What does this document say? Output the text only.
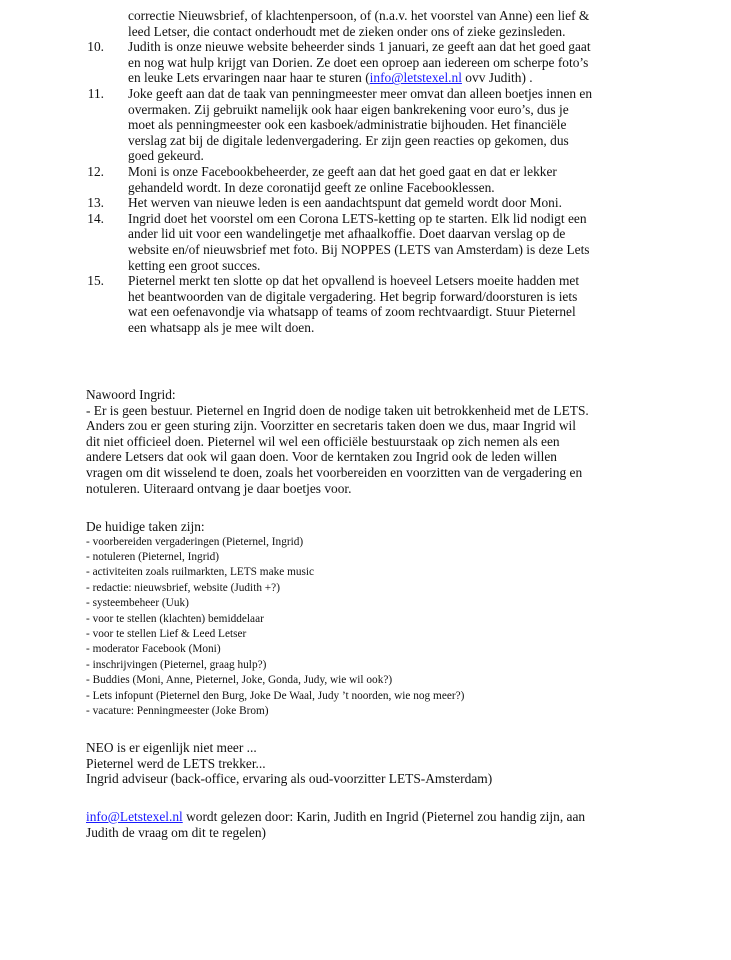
correctie Nieuwsbrief, of klachtenpersoon, of (n.a.v. het voorstel van Anne) een lief &
leed Letser, die contact onderhoudt met de zieken onder ons of zieke gezinsleden.
10.	Judith is onze nieuwe website beheerder sinds 1 januari, ze geeft aan dat het goed gaat
en nog wat hulp krijgt van Dorien. Ze doet een oproep aan iedereen om scherpe foto’s
en leuke Lets ervaringen naar haar te sturen (info@letstexel.nl ovv Judith) .
11.	Joke geeft aan dat de taak van penningmeester meer omvat dan alleen boetjes innen en
overmaken. Zij gebruikt namelijk ook haar eigen bankrekening voor euro’s, dus je
moet als penningmeester ook een kasboek/administratie bijhouden. Het financiële
verslag zat bij de digitale ledenvergadering. Er zijn geen reacties op gekomen, dus
goed gekeurd.
12.	Moni is onze Facebookbeheerder, ze geeft aan dat het goed gaat en dat er lekker
gehandeld wordt. In deze coronatijd geeft ze online Facebooklessen.
13.	Het werven van nieuwe leden is een aandachtspunt dat gemeld wordt door Moni.
14.	Ingrid doet het voorstel om een Corona LETS-ketting op te starten. Elk lid nodigt een
ander lid uit voor een wandelingetje met afhaalkoffie. Doet daarvan verslag op de
website en/of nieuwsbrief met foto. Bij NOPPES (LETS van Amsterdam) is deze Lets
ketting een groot succes.
15.	Pieternel merkt ten slotte op dat het opvallend is hoeveel Letsers moeite hadden met
het beantwoorden van de digitale vergadering. Het begrip forward/doorsturen is iets
wat een oefenavondje via whatsapp of teams of zoom rechtvaardigt. Stuur Pieternel
een whatsapp als je mee wilt doen.

Nawoord Ingrid:

- Er is geen bestuur. Pieternel en Ingrid doen de nodige taken uit betrokkenheid met de LETS.

Anders zou er geen sturing zijn. Voorzitter en secretaris taken doen we dus, maar Ingrid wil

dit niet officieel doen. Pieternel wil wel een officiële bestuurstaak op zich nemen als een

andere Letsers dat ook wil gaan doen. Voor de kerntaken zou Ingrid ook de leden willen

vragen om dit wisselend te doen, zoals het voorbereiden en voorzitten van de vergadering en

notuleren. Uiteraard ontvang je daar boetjes voor.

De huidige taken zijn:

- voorbereiden vergaderingen (Pieternel, Ingrid)

- notuleren (Pieternel, Ingrid)

- activiteiten zoals ruilmarkten, LETS make music

- redactie: nieuwsbrief, website (Judith +?)

- systeembeheer (Uuk)

- voor te stellen (klachten) bemiddelaar

- voor te stellen Lief & Leed Letser

- moderator Facebook (Moni)

- inschrijvingen (Pieternel, graag hulp?)

- Buddies (Moni, Anne, Pieternel, Joke, Gonda, Judy, wie wil ook?)

- Lets infopunt (Pieternel den Burg, Joke De Waal, Judy ’t noorden, wie nog meer?)

- vacature: Penningmeester (Joke Brom)

NEO is er eigenlijk niet meer ...

Pieternel werd de LETS trekker...

Ingrid adviseur (back-office, ervaring als oud-voorzitter LETS-Amsterdam)

info@Letstexel.nl wordt gelezen door: Karin, Judith en Ingrid (Pieternel zou handig zijn, aan

Judith de vraag om dit te regelen)
